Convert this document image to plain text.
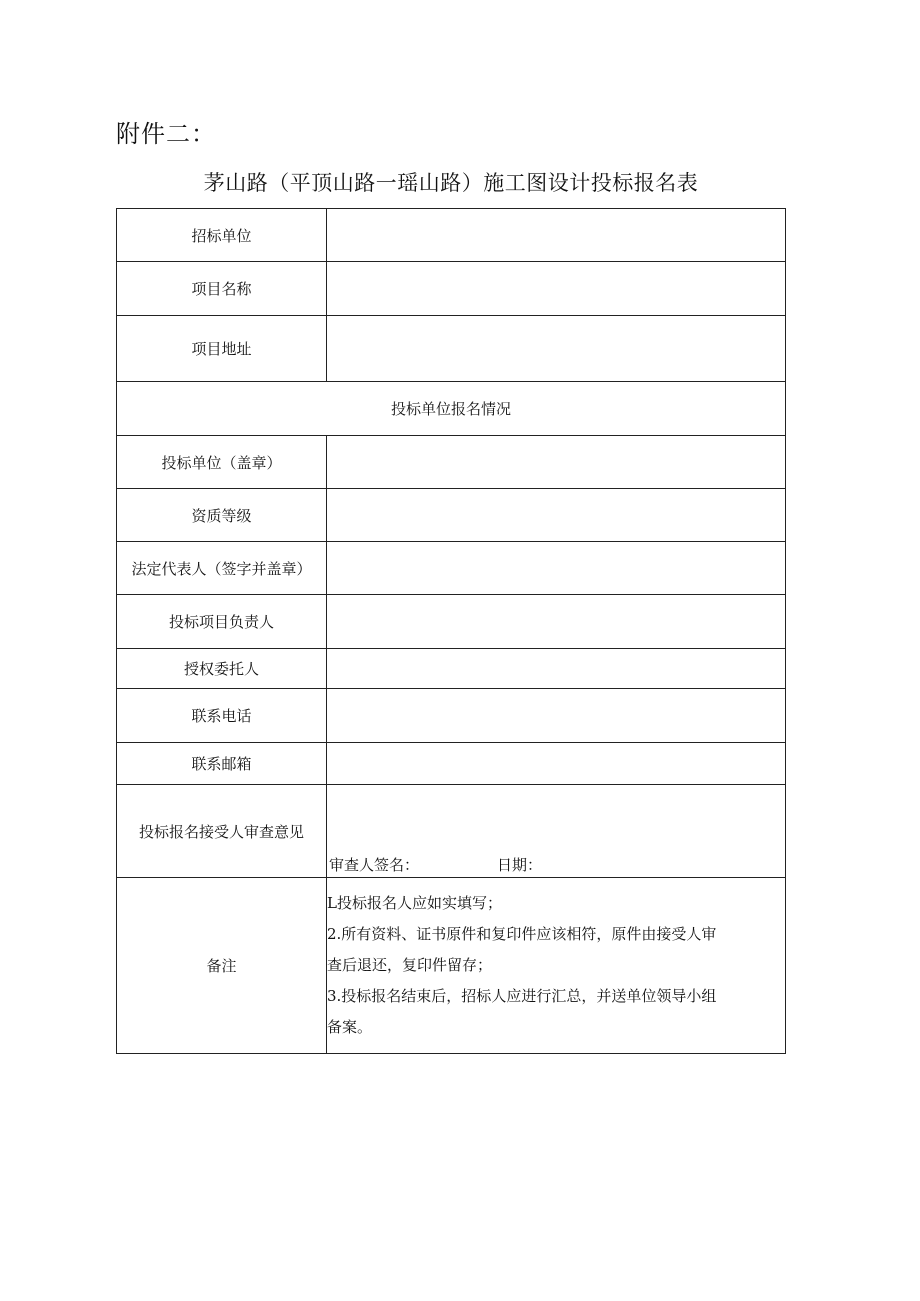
附件二：
茅山路（平顶山路一瑶山路）施工图设计投标报名表
招标单位	
项目名称	
项目地址	
投标单位报名情况	
投标单位（盖章）	
资质等级	
法定代表人（签字并盖章）	
投标项目负责人	
授权委托人	
联系电话	
联系邮箱	
投标报名接受人审查意见	审查人签名： 日期：

备注	L投标报名人应如实填写；
2.所有资料、证书原件和复印件应该相符，原件由接受人审
查后退还，复印件留存；
3.投标报名结束后，招标人应进行汇总，并送单位领导小组
备案。
